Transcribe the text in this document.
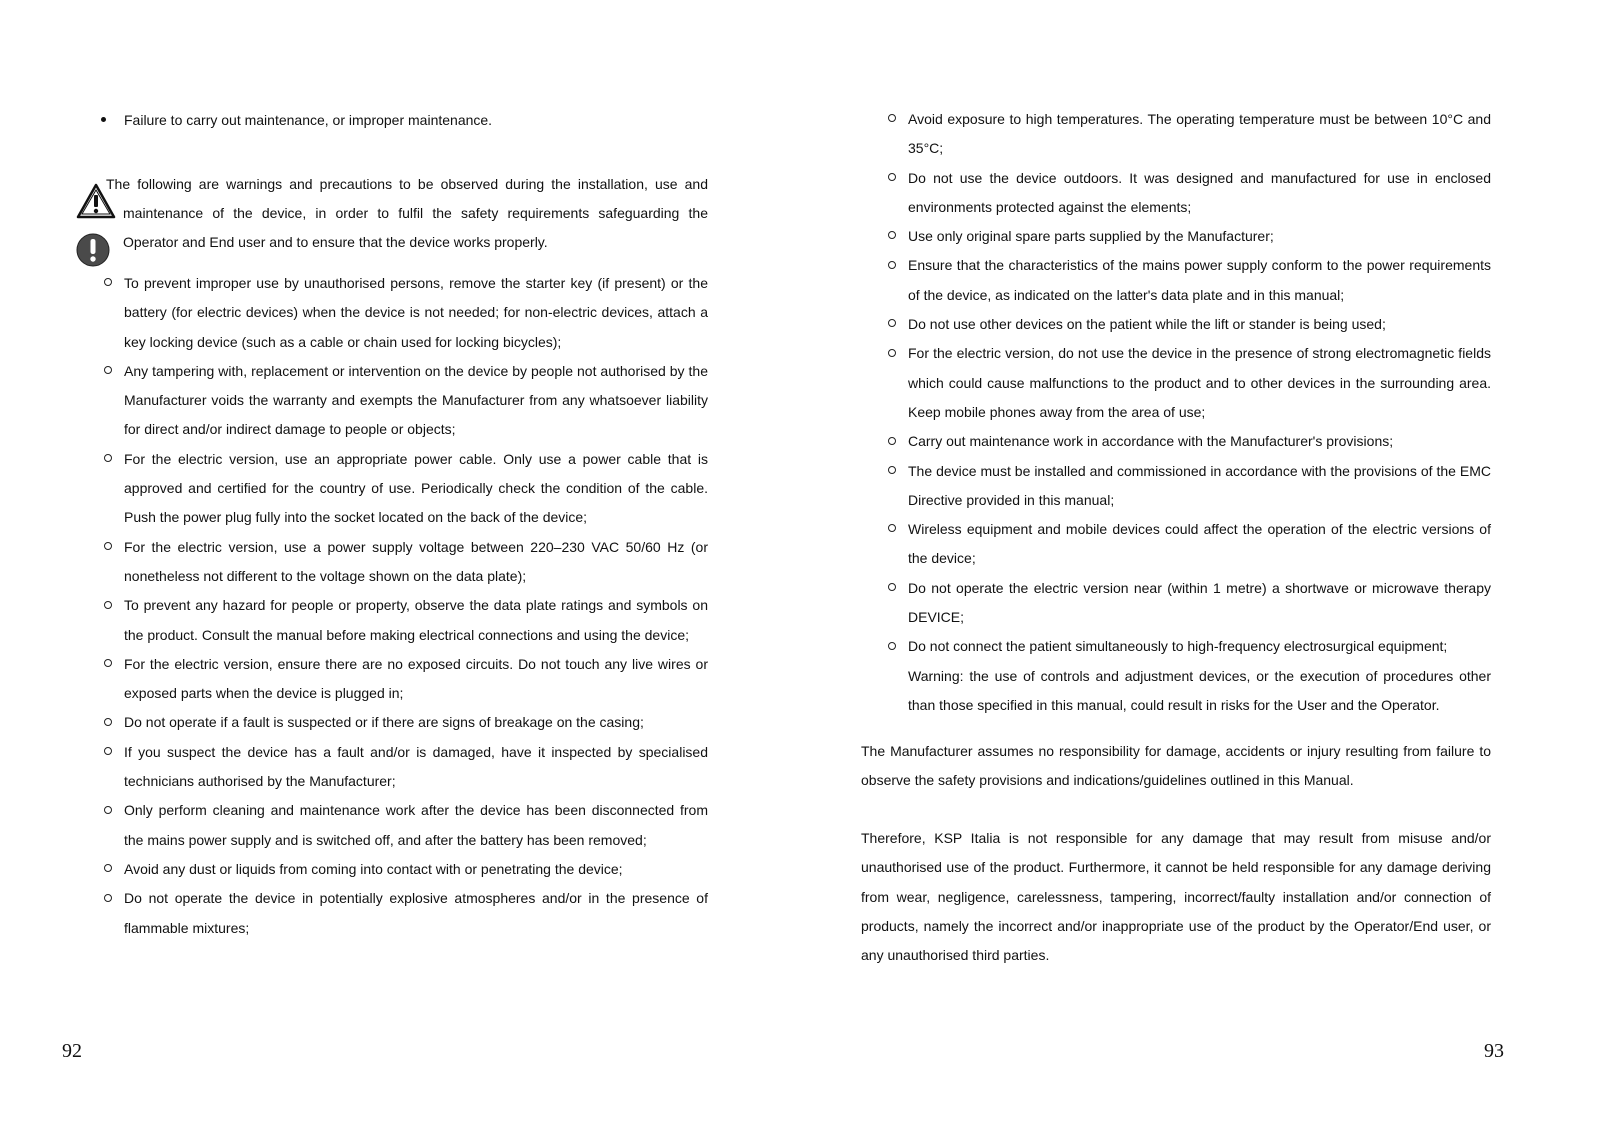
Failure to carry out maintenance, or improper maintenance.

The following are warnings and precautions to be observed during the installation, use and
maintenance of the device, in order to fulfil the safety requirements safeguarding the
Operator and End user and to ensure that the device works properly.
To prevent improper use by unauthorised persons, remove the starter key (if present) or the battery (for electric devices) when the device is not needed; for non-electric devices, attach a key locking device (such as a cable or chain used for locking bicycles);
Any tampering with, replacement or intervention on the device by people not authorised by the Manufacturer voids the warranty and exempts the Manufacturer from any whatsoever liability for direct and/or indirect damage to people or objects;
For the electric version, use an appropriate power cable. Only use a power cable that is approved and certified for the country of use. Periodically check the condition of the cable. Push the power plug fully into the socket located on the back of the device;
For the electric version, use a power supply voltage between 220–230 VAC 50/60 Hz (or nonetheless not different to the voltage shown on the data plate);
To prevent any hazard for people or property, observe the data plate ratings and symbols on the product. Consult the manual before making electrical connections and using the device;
For the electric version, ensure there are no exposed circuits. Do not touch any live wires or exposed parts when the device is plugged in;
Do not operate if a fault is suspected or if there are signs of breakage on the casing;
If you suspect the device has a fault and/or is damaged, have it inspected by specialised technicians authorised by the Manufacturer;
Only perform cleaning and maintenance work after the device has been disconnected from the mains power supply and is switched off, and after the battery has been removed;
Avoid any dust or liquids from coming into contact with or penetrating the device;
Do not operate the device in potentially explosive atmospheres and/or in the presence of flammable mixtures;
92
Avoid exposure to high temperatures. The operating temperature must be between 10°C and 35°C;
Do not use the device outdoors. It was designed and manufactured for use in enclosed environments protected against the elements;
Use only original spare parts supplied by the Manufacturer;
Ensure that the characteristics of the mains power supply conform to the power requirements of the device, as indicated on the latter's data plate and in this manual;
Do not use other devices on the patient while the lift or stander is being used;
For the electric version, do not use the device in the presence of strong electromagnetic fields which could cause malfunctions to the product and to other devices in the surrounding area. Keep mobile phones away from the area of use;
Carry out maintenance work in accordance with the Manufacturer's provisions;
The device must be installed and commissioned in accordance with the provisions of the EMC Directive provided in this manual;
Wireless equipment and mobile devices could affect the operation of the electric versions of the device;
Do not operate the electric version near (within 1 metre) a shortwave or microwave therapy DEVICE;
Do not connect the patient simultaneously to high-frequency electrosurgical equipment;
Warning: the use of controls and adjustment devices, or the execution of procedures other than those specified in this manual, could result in risks for the User and the Operator.

The Manufacturer assumes no responsibility for damage, accidents or injury resulting from failure to observe the safety provisions and indications/guidelines outlined in this Manual.

Therefore, KSP Italia is not responsible for any damage that may result from misuse and/or unauthorised use of the product. Furthermore, it cannot be held responsible for any damage deriving from wear, negligence, carelessness, tampering, incorrect/faulty installation and/or connection of products, namely the incorrect and/or inappropriate use of the product by the Operator/End user, or any unauthorised third parties.

93
